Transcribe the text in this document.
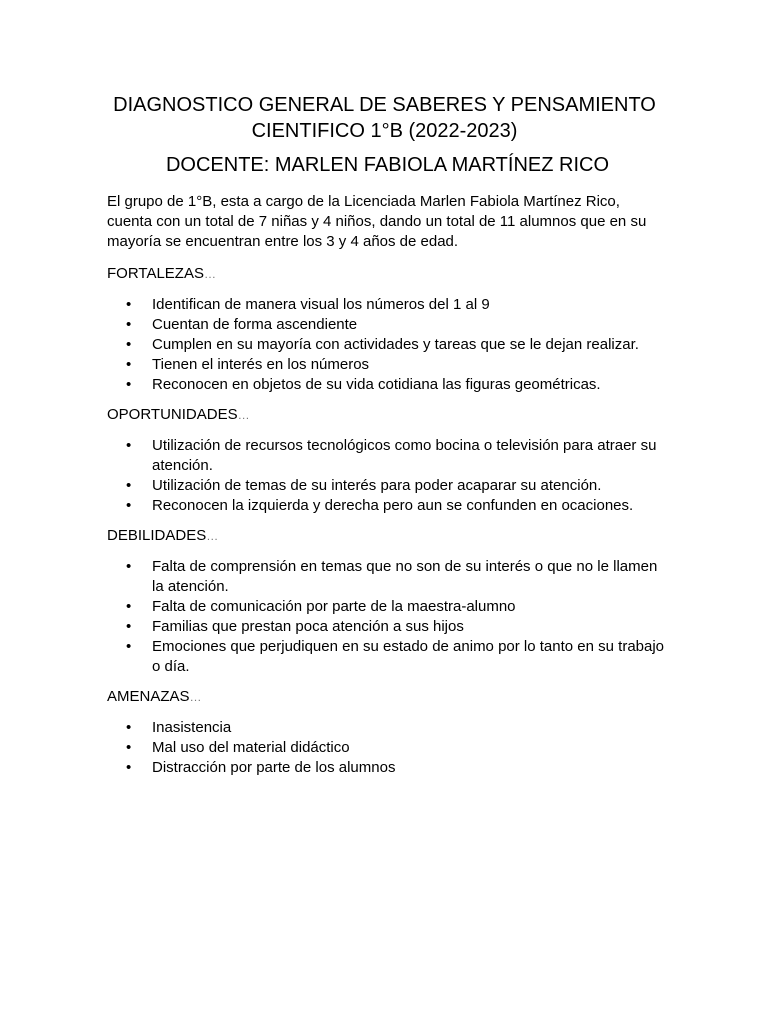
DIAGNOSTICO GENERAL DE SABERES Y PENSAMIENTO CIENTIFICO 1°B (2022-2023)
DOCENTE: MARLEN FABIOLA MARTÍNEZ RICO

El grupo de 1°B, esta a cargo de la Licenciada Marlen Fabiola Martínez Rico, cuenta con un total de 7 niñas y 4 niños, dando un total de 11 alumnos que en su mayoría se encuentran entre los 3 y 4 años de edad.

FORTALEZAS…
• Identifican de manera visual los números del 1 al 9
• Cuentan de forma ascendiente
• Cumplen en su mayoría con actividades y tareas que se le dejan realizar.
• Tienen el interés en los números
• Reconocen en objetos de su vida cotidiana las figuras geométricas.
OPORTUNIDADES…
• Utilización de recursos tecnológicos como bocina o televisión para atraer su atención.
• Utilización de temas de su interés para poder acaparar su atención.
• Reconocen la izquierda y derecha pero aun se confunden en ocaciones.
DEBILIDADES…
• Falta de comprensión en temas que no son de su interés o que no le llamen la atención.
• Falta de comunicación por parte de la maestra-alumno
• Familias que prestan poca atención a sus hijos
• Emociones que perjudiquen en su estado de animo por lo tanto en su trabajo o día.
AMENAZAS…
• Inasistencia
• Mal uso del material didáctico
• Distracción por parte de los alumnos
